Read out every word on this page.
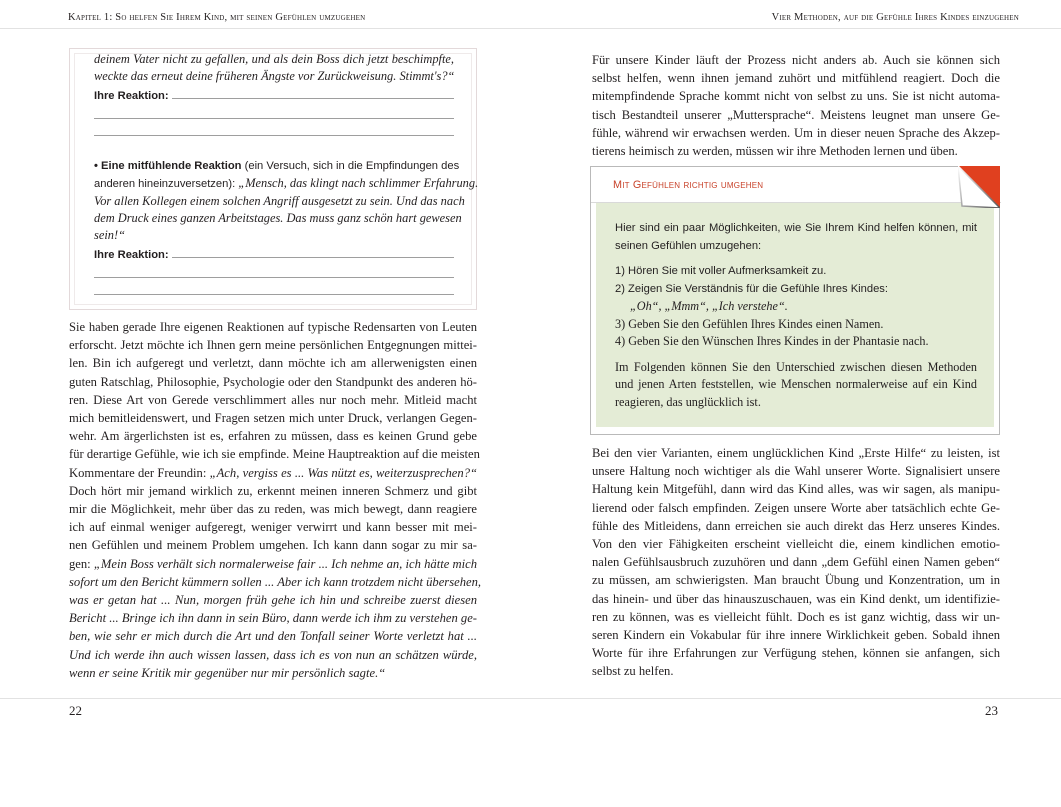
Kapitel 1: So helfen Sie Ihrem Kind, mit seinen Gefühlen umzugehen	Vier Methoden, auf die Gefühle Ihres Kindes einzugehen
deinem Vater nicht zu gefallen, und als dein Boss dich jetzt beschimpfte,
weckte das erneut deine früheren Ängste vor Zurückweisung. Stimmt's?“
Ihre Reaktion:
• Eine mitfühlende Reaktion (ein Versuch, sich in die Empfindungen des
anderen hineinzuversetzen): „Mensch, das klingt nach schlimmer Erfahrung.
Vor allen Kollegen einem solchen Angriff ausgesetzt zu sein. Und das nach
dem Druck eines ganzen Arbeitstages. Das muss ganz schön hart gewesen
sein!“
Ihre Reaktion:
Sie haben gerade Ihre eigenen Reaktionen auf typische Redensarten von Leuten
erforscht. Jetzt möchte ich Ihnen gern meine persönlichen Entgegnungen mittei-
len. Bin ich aufgeregt und verletzt, dann möchte ich am allerwenigsten einen
guten Ratschlag, Philosophie, Psychologie oder den Standpunkt des anderen hö-
ren. Diese Art von Gerede verschlimmert alles nur noch mehr. Mitleid macht
mich bemitleidenswert, und Fragen setzen mich unter Druck, verlangen Gegen-
wehr. Am ärgerlichsten ist es, erfahren zu müssen, dass es keinen Grund gebe
für derartige Gefühle, wie ich sie empfinde. Meine Hauptreaktion auf die meisten
Kommentare der Freundin: „Ach, vergiss es ... Was nützt es, weiterzusprechen?“
Doch hört mir jemand wirklich zu, erkennt meinen inneren Schmerz und gibt
mir die Möglichkeit, mehr über das zu reden, was mich bewegt, dann reagiere
ich auf einmal weniger aufgeregt, weniger verwirrt und kann besser mit mei-
nen Gefühlen und meinem Problem umgehen. Ich kann dann sogar zu mir sa-
gen: „Mein Boss verhält sich normalerweise fair ... Ich nehme an, ich hätte mich
sofort um den Bericht kümmern sollen ... Aber ich kann trotzdem nicht übersehen,
was er getan hat ... Nun, morgen früh gehe ich hin und schreibe zuerst diesen
Bericht ... Bringe ich ihn dann in sein Büro, dann werde ich ihm zu verstehen ge-
ben, wie sehr er mich durch die Art und den Tonfall seiner Worte verletzt hat ...
Und ich werde ihn auch wissen lassen, dass ich es von nun an schätzen würde,
wenn er seine Kritik mir gegenüber nur mir persönlich sagte.“
Für unsere Kinder läuft der Prozess nicht anders ab. Auch sie können sich
selbst helfen, wenn ihnen jemand zuhört und mitfühlend reagiert. Doch die
mitempfindende Sprache kommt nicht von selbst zu uns. Sie ist nicht automa-
tisch Bestandteil unserer „Muttersprache“. Meistens leugnet man unsere Ge-
fühle, während wir erwachsen werden. Um in dieser neuen Sprache des Akzep-
tierens heimisch zu werden, müssen wir ihre Methoden lernen und üben.
Mit Gefühlen richtig umgehen
Hier sind ein paar Möglichkeiten, wie Sie Ihrem Kind helfen können, mit
seinen Gefühlen umzugehen:
1) Hören Sie mit voller Aufmerksamkeit zu.
2) Zeigen Sie Verständnis für die Gefühle Ihres Kindes:
„Oh“, „Mmm“, „Ich verstehe“.
3) Geben Sie den Gefühlen Ihres Kindes einen Namen.
4) Geben Sie den Wünschen Ihres Kindes in der Phantasie nach.
Im Folgenden können Sie den Unterschied zwischen diesen Methoden
und jenen Arten feststellen, wie Menschen normalerweise auf ein Kind
reagieren, das unglücklich ist.
Bei den vier Varianten, einem unglücklichen Kind „Erste Hilfe“ zu leisten, ist
unsere Haltung noch wichtiger als die Wahl unserer Worte. Signalisiert unsere
Haltung kein Mitgefühl, dann wird das Kind alles, was wir sagen, als manipu-
lierend oder falsch empfinden. Zeigen unsere Worte aber tatsächlich echte Ge-
fühle des Mitleidens, dann erreichen sie auch direkt das Herz unseres Kindes.
Von den vier Fähigkeiten erscheint vielleicht die, einem kindlichen emotio-
nalen Gefühlsausbruch zuzuhören und dann „dem Gefühl einen Namen geben“
zu müssen, am schwierigsten. Man braucht Übung und Konzentration, um in
das hinein- und über das hinauszuschauen, was ein Kind denkt, um identifizie-
ren zu können, was es vielleicht fühlt. Doch es ist ganz wichtig, dass wir un-
seren Kindern ein Vokabular für ihre innere Wirklichkeit geben. Sobald ihnen
Worte für ihre Erfahrungen zur Verfügung stehen, können sie anfangen, sich
selbst zu helfen.
22	23
